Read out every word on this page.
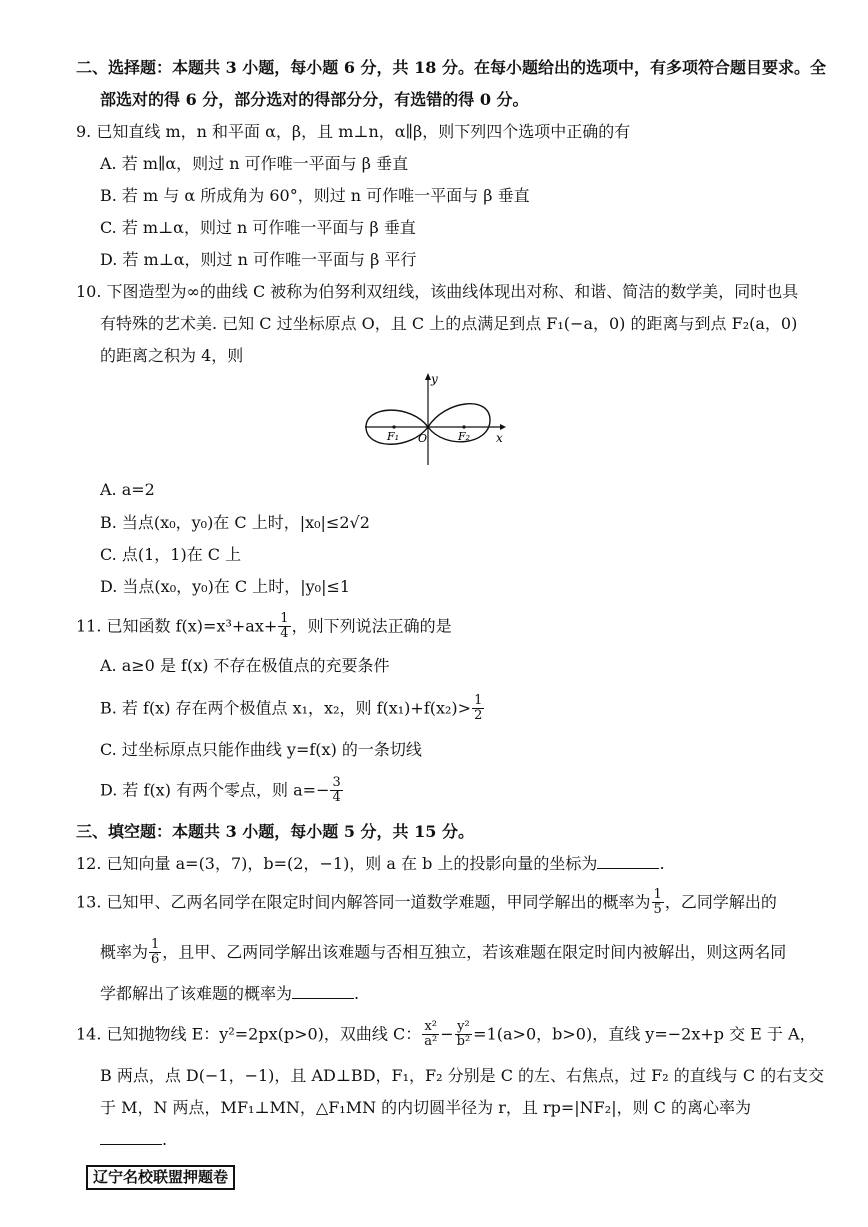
二、选择题：本题共 3 小题，每小题 6 分，共 18 分。在每小题给出的选项中，有多项符合题目要求。全
部选对的得 6 分，部分选对的得部分分，有选错的得 0 分。
9. 已知直线 m，n 和平面 α，β，且 m⊥n，α∥β，则下列四个选项中正确的有
A. 若 m∥α，则过 n 可作唯一平面与 β 垂直
B. 若 m 与 α 所成角为 60°，则过 n 可作唯一平面与 β 垂直
C. 若 m⊥α，则过 n 可作唯一平面与 β 垂直
D. 若 m⊥α，则过 n 可作唯一平面与 β 平行
10. 下图造型为∞的曲线 C 被称为伯努利双纽线，该曲线体现出对称、和谐、简洁的数学美，同时也具
有特殊的艺术美. 已知 C 过坐标原点 O，且 C 上的点满足到点 F₁(−a，0) 的距离与到点 F₂(a，0)
的距离之积为 4，则
y
x
F₁	F₂
O
A. a=2
B. 当点(x₀，y₀)在 C 上时，|x₀|≤2√2
C. 点(1，1)在 C 上
D. 当点(x₀，y₀)在 C 上时，|y₀|≤1
11. 已知函数 $f(x)=x^3+ax+ \frac{1}{4}$ ，则下列说法正确的是
A. a≥0 是 f(x) 不存在极值点的充要条件
B. 若 f(x) 存在两个极值点 x₁，x₂，则 $f(x_1)+f(x_2)> \frac{1}{2}$
C. 过坐标原点只能作曲线 y=f(x) 的一条切线
D. 若 f(x) 有两个零点，则 $a=- \frac{3}{4}$
三、填空题：本题共 3 小题，每小题 5 分，共 15 分。
12. 已知向量 a=(3，7)，b=(2，−1)，则 a 在 b 上的投影向量的坐标为	.
13. 已知甲、乙两名同学在限定时间内解答同一道数学难题，甲同学解出的概率为 $\frac{1}{5}$ ，乙同学解出的
概率为 $\frac{1}{6}$ ，且甲、乙两同学解出该难题与否相互独立，若该难题在限定时间内被解出，则这两名同
学都解出了该难题的概率为	.
14. 已知抛物线 E：y²=2px(p>0)，双曲线 C： $\frac{\text{x²}}{\text{a²}} - \frac{\text{y²}}{\text{b²}} =1(a>0$，b>0)，直线 y=−2x+p 交 E 于 A，
B 两点，点 D(−1，−1)，且 AD⊥BD，F₁，F₂ 分别是 C 的左、右焦点，过 F₂ 的直线与 C 的右支交
于 M，N 两点，MF₁⊥MN，△F₁MN 的内切圆半径为 r，且 rp=|NF₂|，则 C 的离心率为
.
辽宁名校联盟押题卷
